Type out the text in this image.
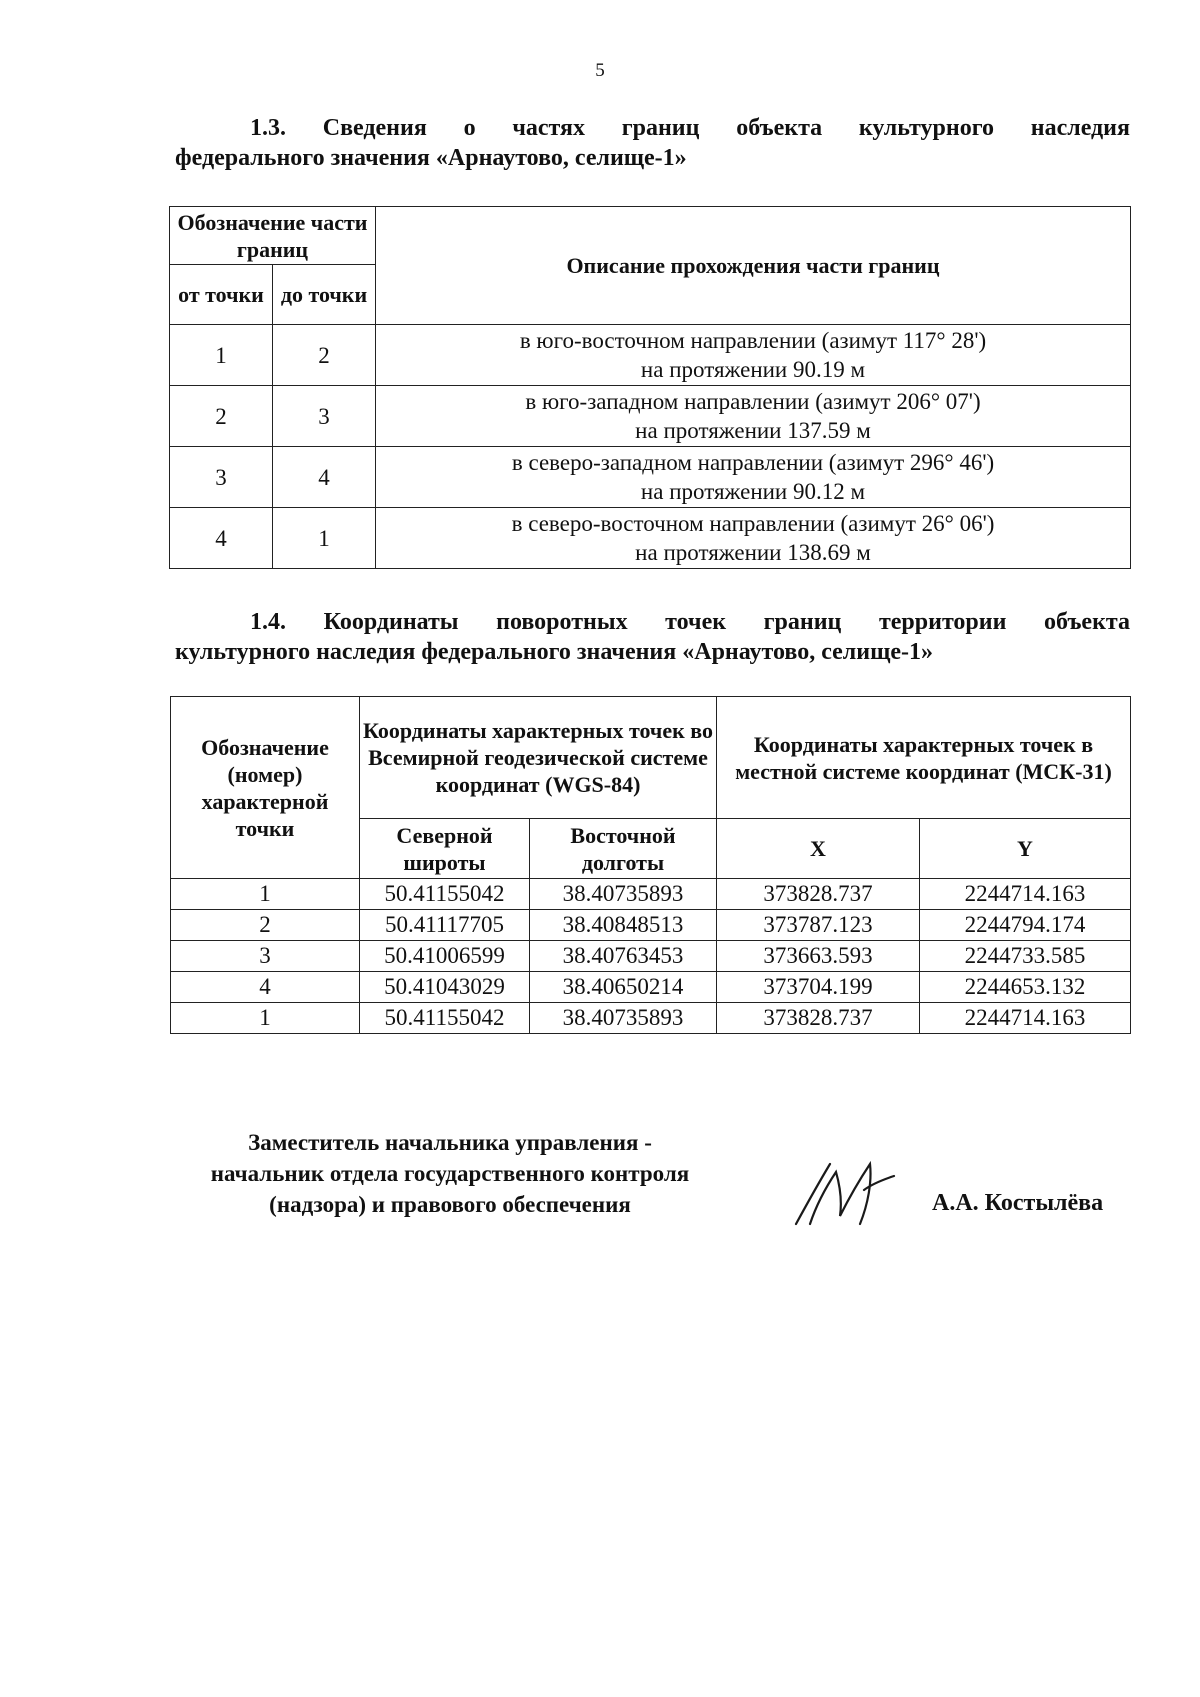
5
1.3. Сведения о частях границ объекта культурного наследия
федерального значения «Арнаутово, селище-1»
Обозначение части границ		Описание прохождения части границ
от точки	до точки	
1	2	в юго-восточном направлении (азимут 117° 28')
на протяжении 90.19 м
2	3	в юго-западном направлении (азимут 206° 07')
на протяжении 137.59 м
3	4	в северо-западном направлении (азимут 296° 46')
на протяжении 90.12 м
4	1	в северо-восточном направлении (азимут 26° 06')
на протяжении 138.69 м
1.4. Координаты поворотных точек границ территории объекта
культурного наследия федерального значения «Арнаутово, селище-1»
Обозначение (номер) характерной точки	Координаты характерных точек во Всемирной геодезической системе координат (WGS-84)		Координаты характерных точек в местной системе координат (МСК-31)	
	Северной широты	Восточной долготы	X	Y
1	50.41155042	38.40735893	373828.737	2244714.163
2	50.41117705	38.40848513	373787.123	2244794.174
3	50.41006599	38.40763453	373663.593	2244733.585
4	50.41043029	38.40650214	373704.199	2244653.132
1	50.41155042	38.40735893	373828.737	2244714.163
Заместитель начальника управления -
начальник отдела государственного контроля
(надзора) и правового обеспечения	А.А. Костылёва
